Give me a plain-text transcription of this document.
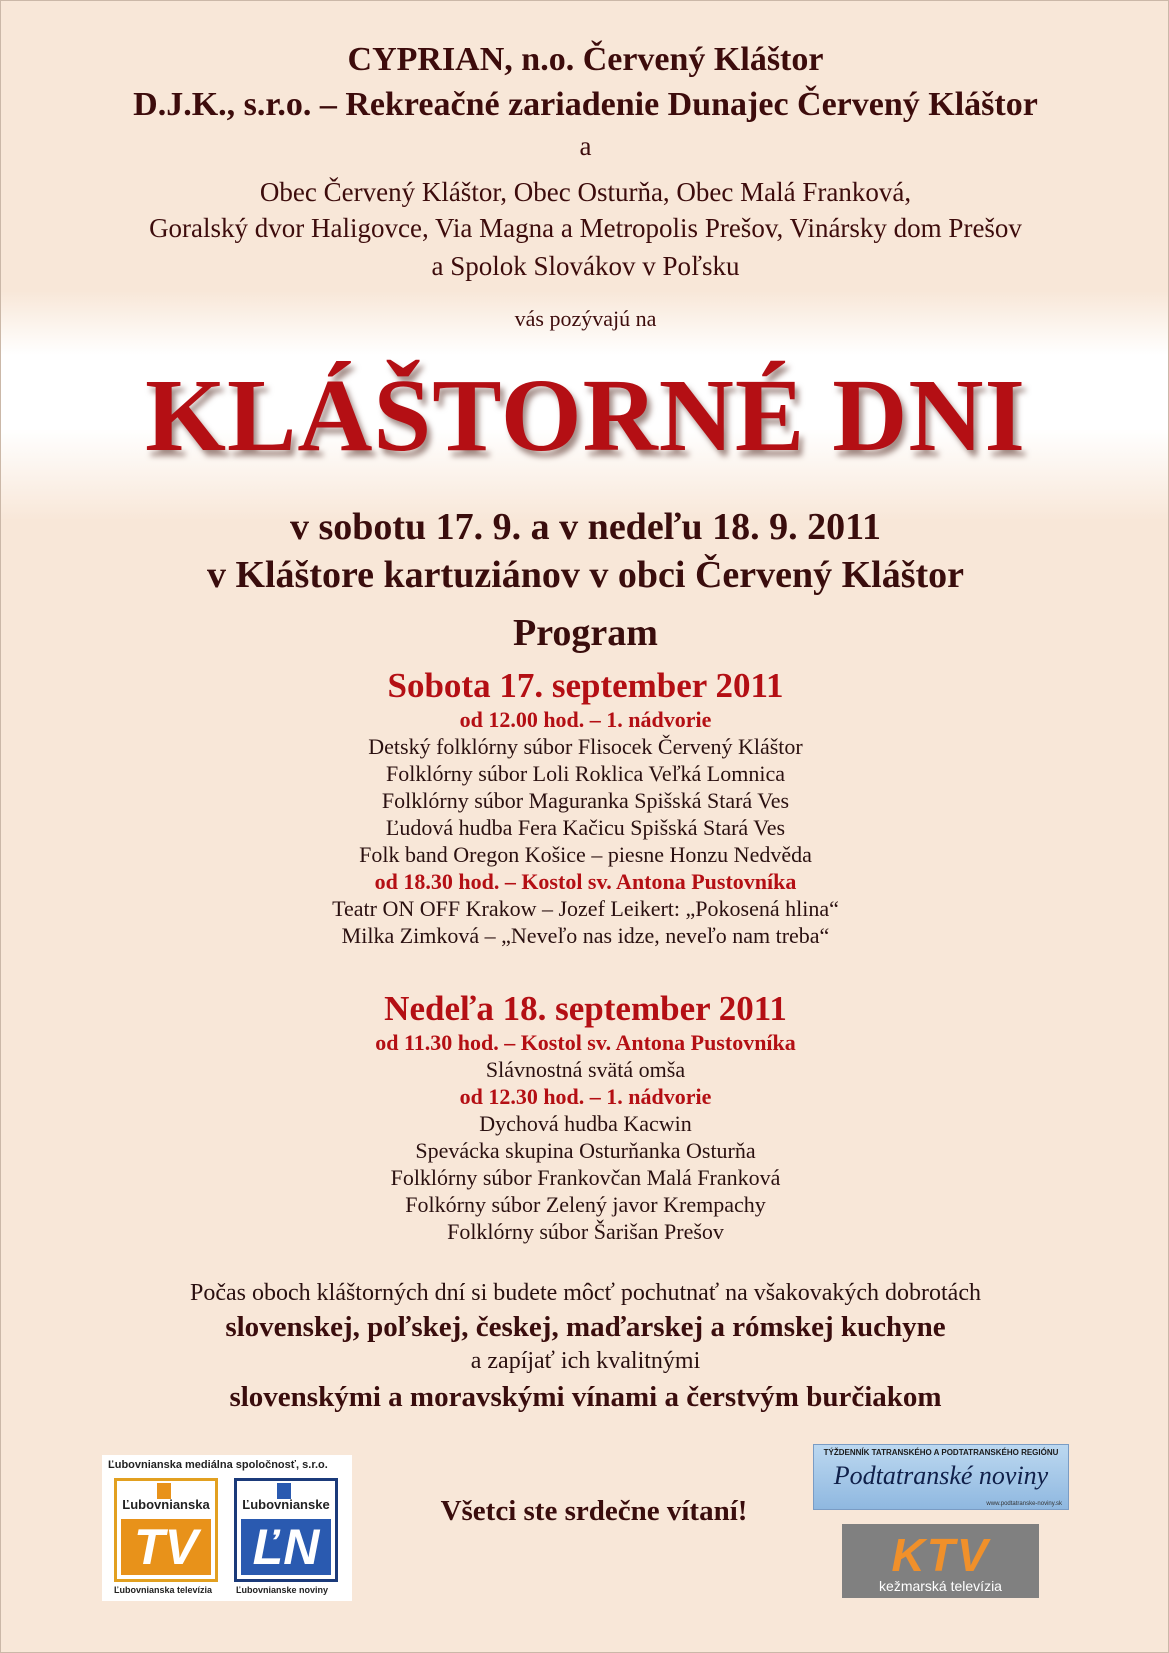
CYPRIAN, n.o. Červený Kláštor
D.J.K., s.r.o. – Rekreačné zariadenie Dunajec Červený Kláštor
a
Obec Červený Kláštor, Obec Osturňa, Obec Malá Franková,
Goralský dvor Haligovce, Via Magna a Metropolis Prešov, Vinársky dom Prešov
a Spolok Slovákov v Poľsku
vás pozývajú na
KLÁŠTORNÉ DNI
v sobotu 17. 9. a v nedeľu 18. 9. 2011
v Kláštore kartuziánov v obci Červený Kláštor
Program
Sobota 17. september 2011
od 12.00 hod. – 1. nádvorie
Detský folklórny súbor Flisocek Červený Kláštor
Folklórny súbor Loli Roklica Veľká Lomnica
Folklórny súbor Maguranka Spišská Stará Ves
Ľudová hudba Fera Kačicu Spišská Stará Ves
Folk band Oregon Košice – piesne Honzu Nedvěda
od 18.30 hod. – Kostol sv. Antona Pustovníka
Teatr ON OFF Krakow – Jozef Leikert: „Pokosená hlina“
Milka Zimková – „Neveľo nas idze, neveľo nam treba“
Nedeľa 18. september 2011
od 11.30 hod. – Kostol sv. Antona Pustovníka
Slávnostná svätá omša
od 12.30 hod. – 1. nádvorie
Dychová hudba Kacwin
Spevácka skupina Osturňanka Osturňa
Folklórny súbor Frankovčan Malá Franková
Folkórny súbor Zelený javor Krempachy
Folklórny súbor Šarišan Prešov
Počas oboch kláštorných dní si budete môcť pochutnať na všakovakých dobrotách
slovenskej, poľskej, českej, maďarskej a rómskej kuchyne
a zapíjať ich kvalitnými
slovenskými a moravskými vínami a čerstvým burčiakom
Všetci ste srdečne vítaní!
Ľubovnianska mediálna spoločnosť, s.r.o.
Ľubovnianska
TV
Ľubovnianske
ĽN
Ľubovnianska televízia	Ľubovnianske noviny
TÝŽDENNÍK TATRANSKÉHO A PODTATRANSKÉHO REGIÓNU
Podtatranské noviny
www.podtatranske-noviny.sk
KTV
kežmarská televízia
